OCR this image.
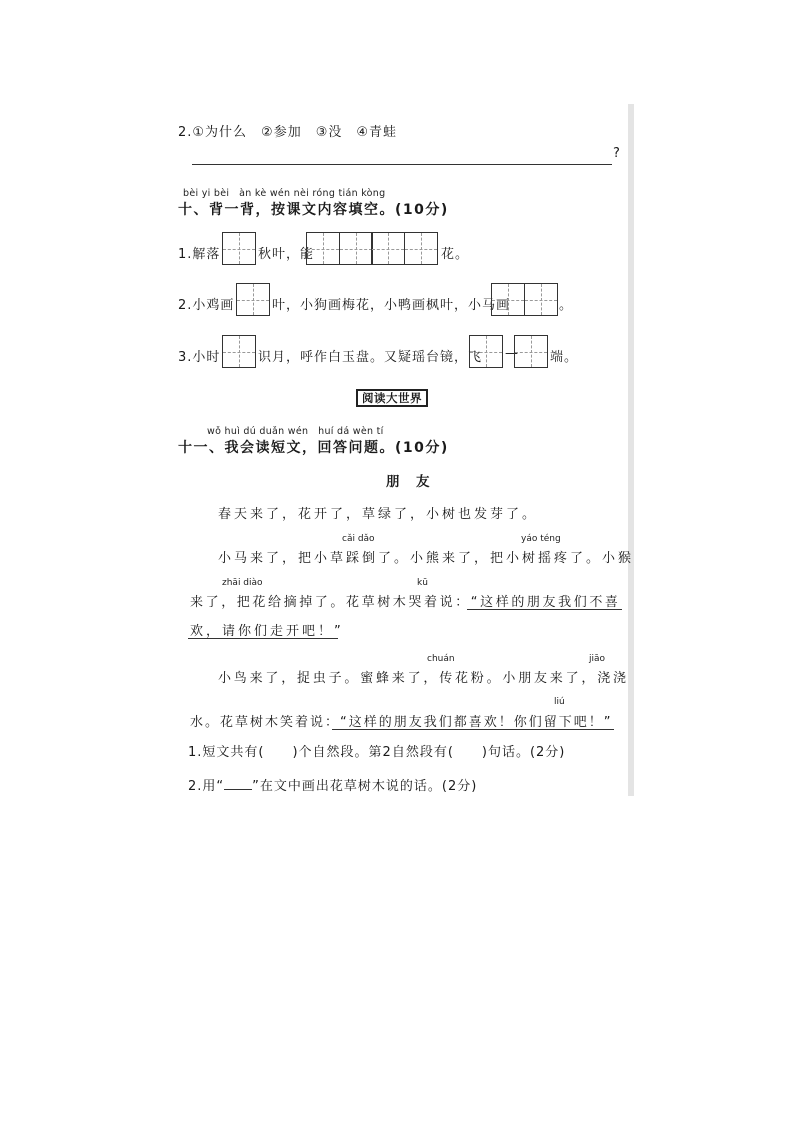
2.①为什么　②参加　③没　④青蛙
?
bèi yi bèi　àn kè wén nèi róng tián kòng
十、背一背，按课文内容填空。(10分)
1.解落	秋叶，能	花。
2.小鸡画	叶，小狗画梅花，小鸭画枫叶，小马画	。
3.小时	识月，呼作白玉盘。又疑瑶台镜，飞 — 端。
阅读大世界
wǒ huì dú duǎn wén　huí dá wèn tí
十一、我会读短文，回答问题。(10分)
朋　友
春天来了，花开了，草绿了，小树也发芽了。
cǎi dǎo	yáo téng
小马来了，把小草踩倒了。小熊来了，把小树摇疼了。小猴
zhāi diào	kū
来了，把花给摘掉了。花草树木哭着说：“这样的朋友我们不喜
欢，请你们走开吧！”
chuán	jiāo
小鸟来了，捉虫子。蜜蜂来了，传花粉。小朋友来了，浇浇
liú
水。花草树木笑着说：“这样的朋友我们都喜欢！你们留下吧！”
1.短文共有(　　)个自然段。第2自然段有(　　)句话。(2分)
2.用“ ”在文中画出花草树木说的话。(2分)
